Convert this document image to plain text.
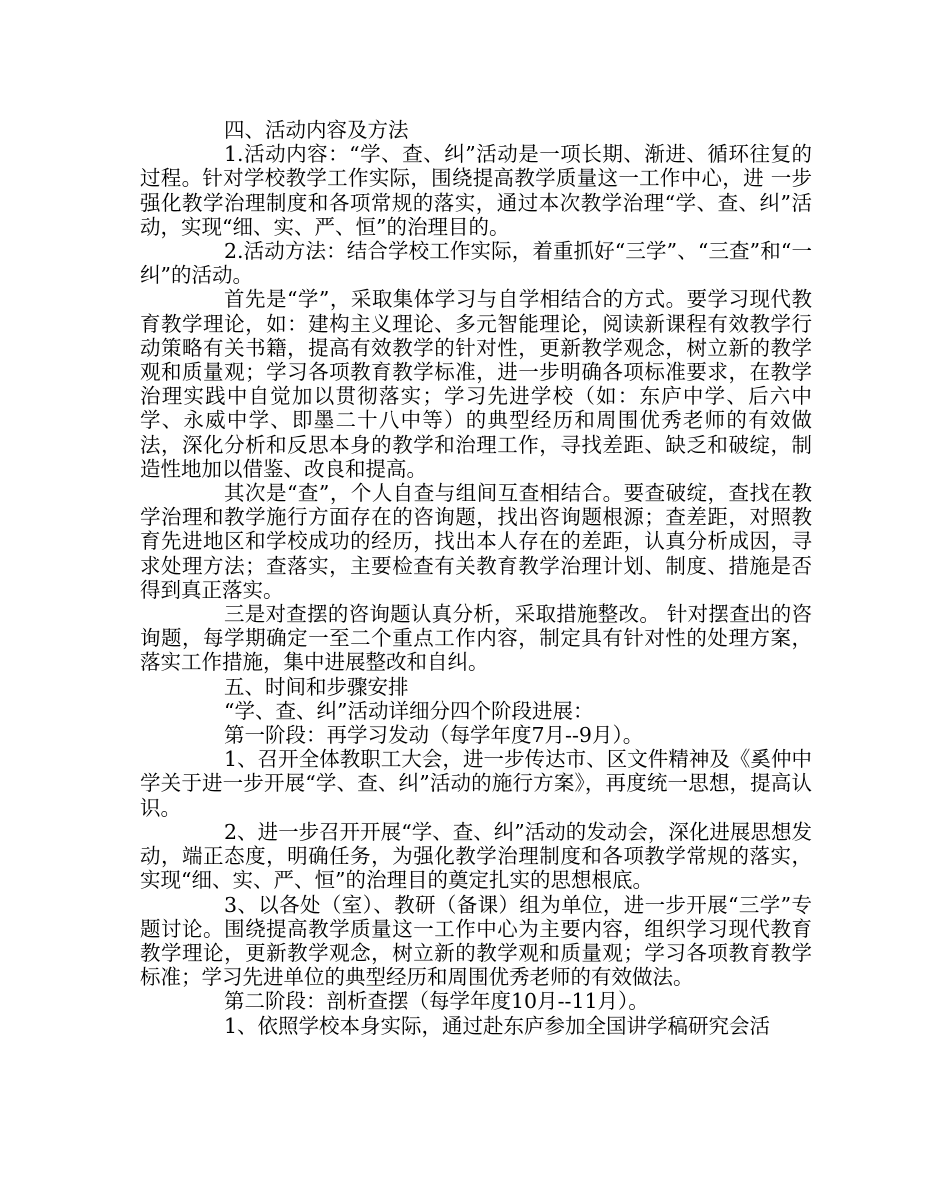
四、活动内容及方法

1.活动内容：“学、查、纠”活动是一项长期、渐进、循环往复的过程。针对学校教学工作实际，围绕提高教学质量这一工作中心，进 一步强化教学治理制度和各项常规的落实，通过本次教学治理“学、查、纠”活动，实现“细、实、严、恒”的治理目的。

2.活动方法：结合学校工作实际，着重抓好“三学”、“三查”和“一纠”的活动。

首先是“学”，采取集体学习与自学相结合的方式。要学习现代教育教学理论，如：建构主义理论、多元智能理论，阅读新课程有效教学行动策略有关书籍，提高有效教学的针对性，更新教学观念，树立新的教学观和质量观；学习各项教育教学标准，进一步明确各项标准要求，在教学治理实践中自觉加以贯彻落实；学习先进学校（如：东庐中学、后六中学、永威中学、即墨二十八中等）的典型经历和周围优秀老师的有效做法，深化分析和反思本身的教学和治理工作，寻找差距、缺乏和破绽，制造性地加以借鉴、改良和提高。

其次是“查”，个人自查与组间互查相结合。要查破绽，查找在教学治理和教学施行方面存在的咨询题，找出咨询题根源；查差距，对照教育先进地区和学校成功的经历，找出本人存在的差距，认真分析成因，寻求处理方法；查落实，主要检查有关教育教学治理计划、制度、措施是否得到真正落实。

三是对查摆的咨询题认真分析，采取措施整改。 针对摆查出的咨询题，每学期确定一至二个重点工作内容，制定具有针对性的处理方案，落实工作措施，集中进展整改和自纠。

五、时间和步骤安排

“学、查、纠”活动详细分四个阶段进展：

第一阶段：再学习发动（每学年度7月--9月）。

1、召开全体教职工大会，进一步传达市、区文件精神及《奚仲中学关于进一步开展“学、查、纠”活动的施行方案》，再度统一思想，提高认识。

2、进一步召开开展“学、查、纠”活动的发动会，深化进展思想发动，端正态度，明确任务，为强化教学治理制度和各项教学常规的落实，实现“细、实、严、恒”的治理目的奠定扎实的思想根底。

3、以各处（室）、教研（备课）组为单位，进一步开展“三学”专题讨论。围绕提高教学质量这一工作中心为主要内容，组织学习现代教育教学理论，更新教学观念，树立新的教学观和质量观；学习各项教育教学标准；学习先进单位的典型经历和周围优秀老师的有效做法。

第二阶段：剖析查摆（每学年度10月--11月）。

1、依照学校本身实际，通过赴东庐参加全国讲学稿研究会活
